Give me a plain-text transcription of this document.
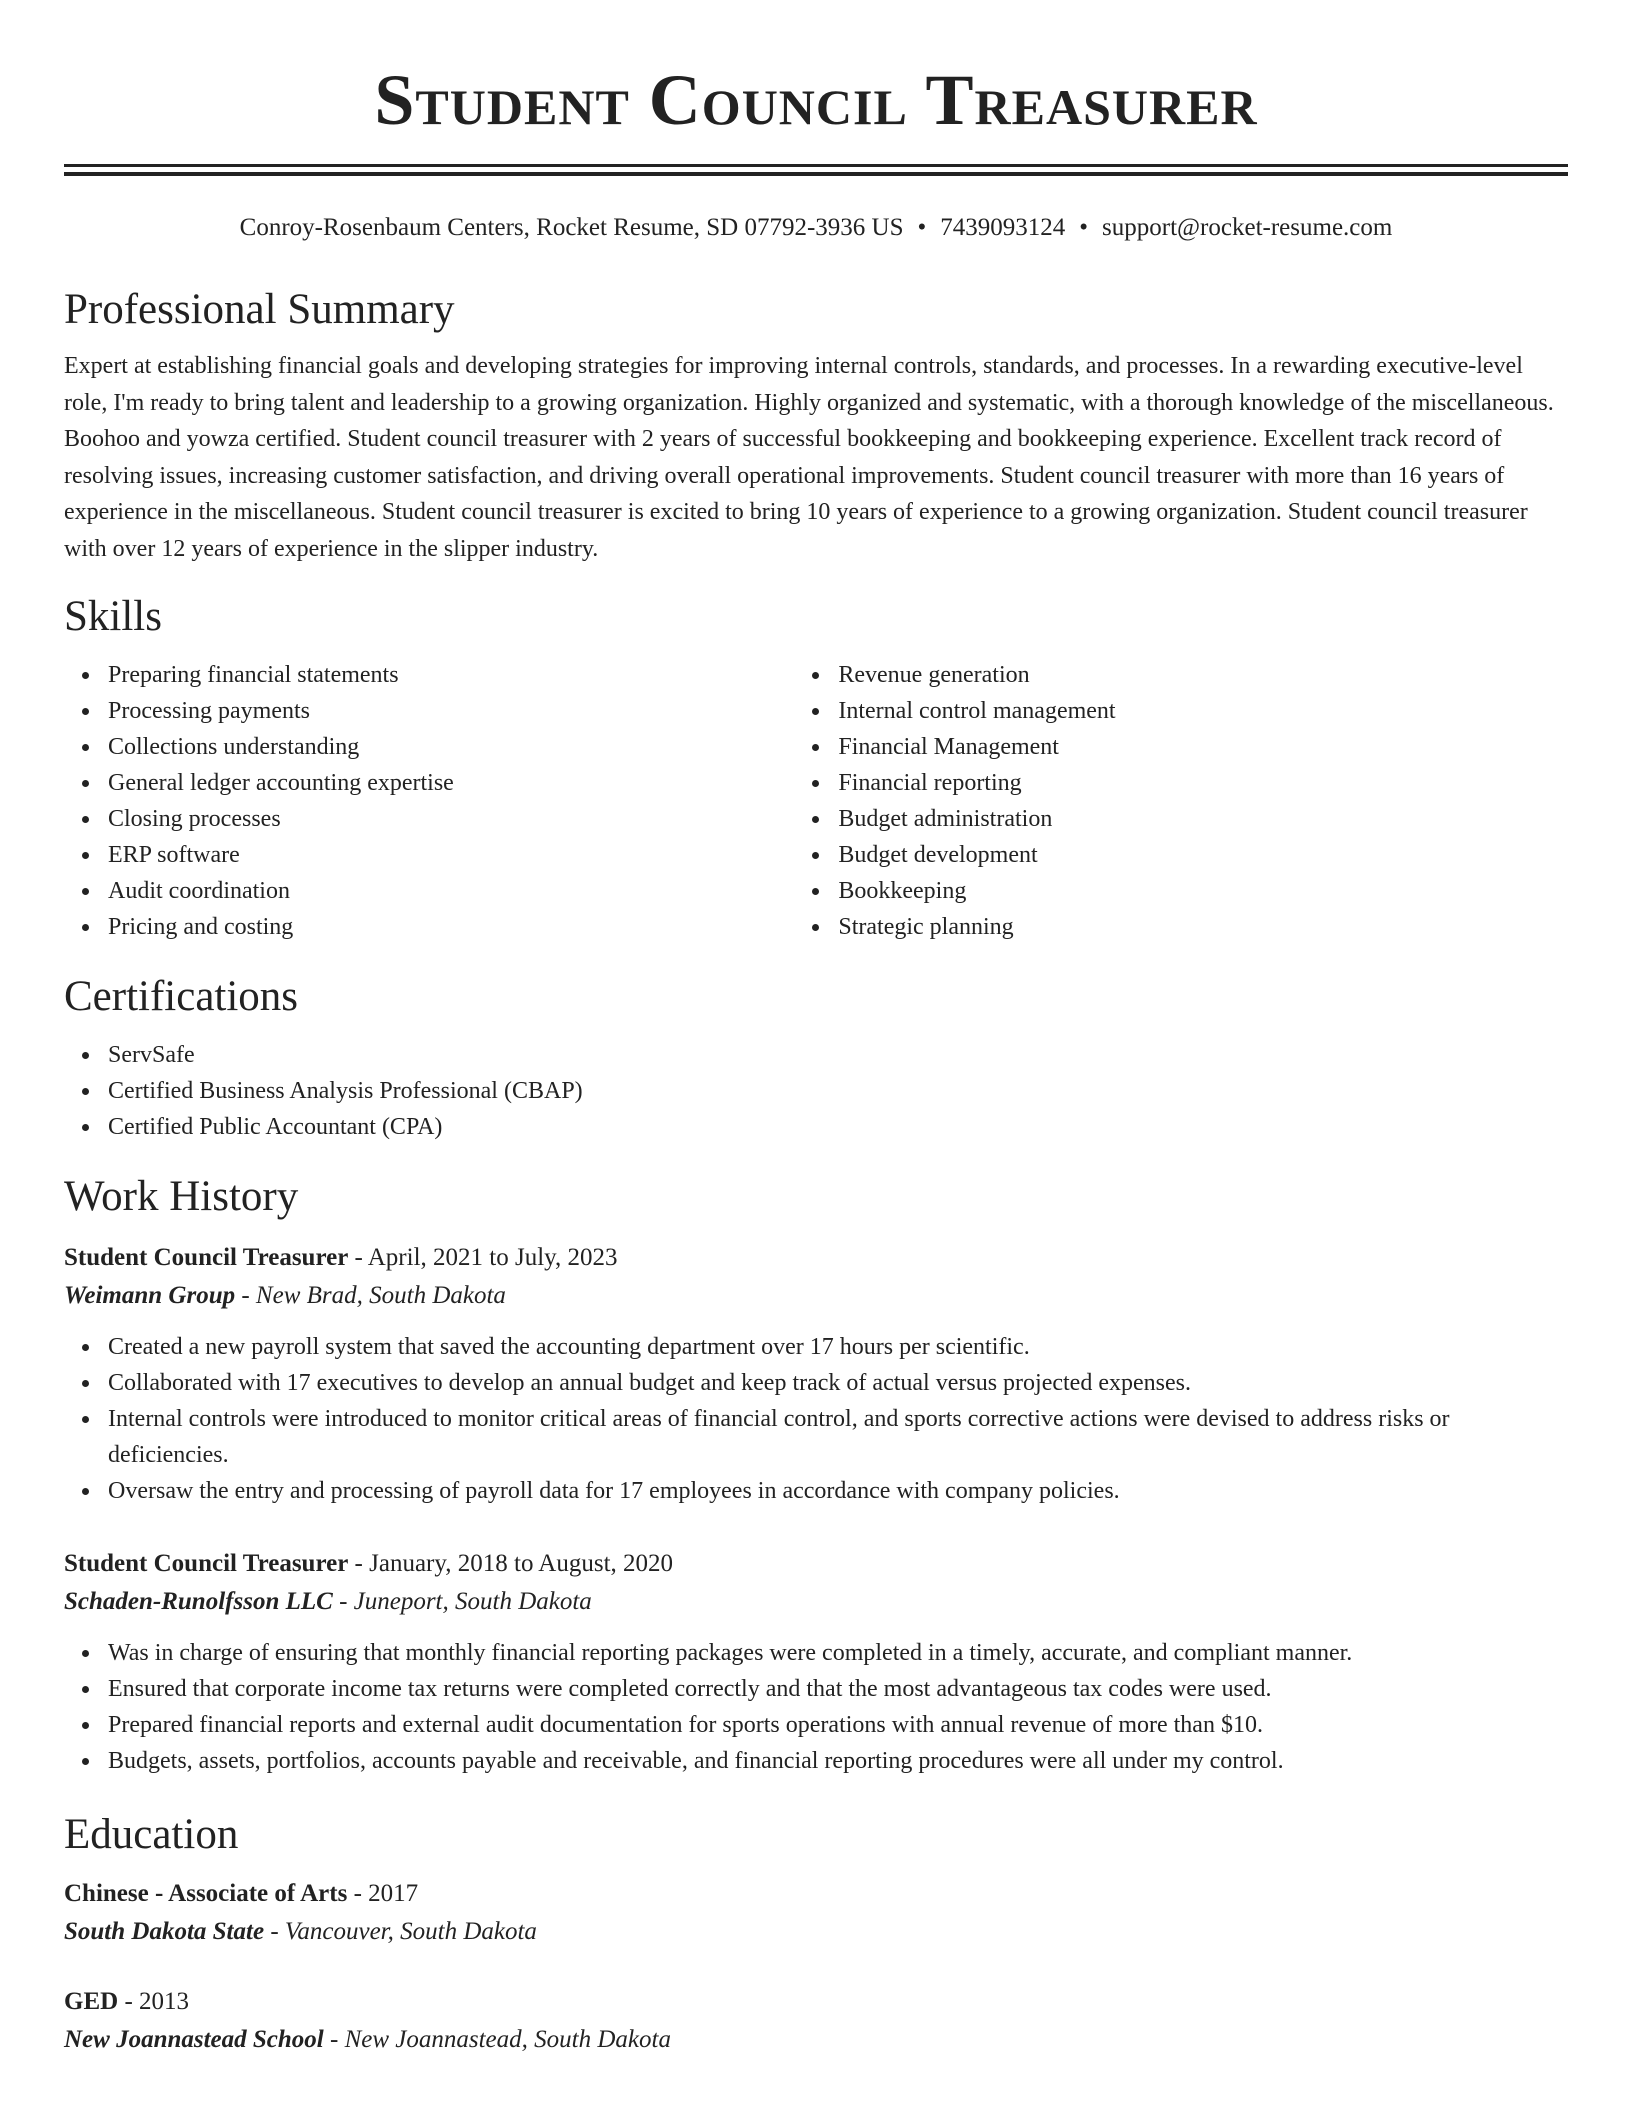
Student Council Treasurer
Conroy-Rosenbaum Centers, Rocket Resume, SD 07792-3936 US • 7439093124 • support@rocket-resume.com
Professional Summary
Expert at establishing financial goals and developing strategies for improving internal controls, standards, and processes. In a rewarding executive-level role, I'm ready to bring talent and leadership to a growing organization. Highly organized and systematic, with a thorough knowledge of the miscellaneous. Boohoo and yowza certified. Student council treasurer with 2 years of successful bookkeeping and bookkeeping experience. Excellent track record of resolving issues, increasing customer satisfaction, and driving overall operational improvements. Student council treasurer with more than 16 years of experience in the miscellaneous. Student council treasurer is excited to bring 10 years of experience to a growing organization. Student council treasurer with over 12 years of experience in the slipper industry.
Skills
Preparing financial statements
Processing payments
Collections understanding
General ledger accounting expertise
Closing processes
ERP software
Audit coordination
Pricing and costing
Revenue generation
Internal control management
Financial Management
Financial reporting
Budget administration
Budget development
Bookkeeping
Strategic planning
Certifications
ServSafe
Certified Business Analysis Professional (CBAP)
Certified Public Accountant (CPA)
Work History
Student Council Treasurer - April, 2021 to July, 2023
Weimann Group - New Brad, South Dakota
Created a new payroll system that saved the accounting department over 17 hours per scientific.
Collaborated with 17 executives to develop an annual budget and keep track of actual versus projected expenses.
Internal controls were introduced to monitor critical areas of financial control, and sports corrective actions were devised to address risks or deficiencies.
Oversaw the entry and processing of payroll data for 17 employees in accordance with company policies.
Student Council Treasurer - January, 2018 to August, 2020
Schaden-Runolfsson LLC - Juneport, South Dakota
Was in charge of ensuring that monthly financial reporting packages were completed in a timely, accurate, and compliant manner.
Ensured that corporate income tax returns were completed correctly and that the most advantageous tax codes were used.
Prepared financial reports and external audit documentation for sports operations with annual revenue of more than $10.
Budgets, assets, portfolios, accounts payable and receivable, and financial reporting procedures were all under my control.
Education
Chinese - Associate of Arts - 2017
South Dakota State - Vancouver, South Dakota
GED - 2013
New Joannastead School - New Joannastead, South Dakota
